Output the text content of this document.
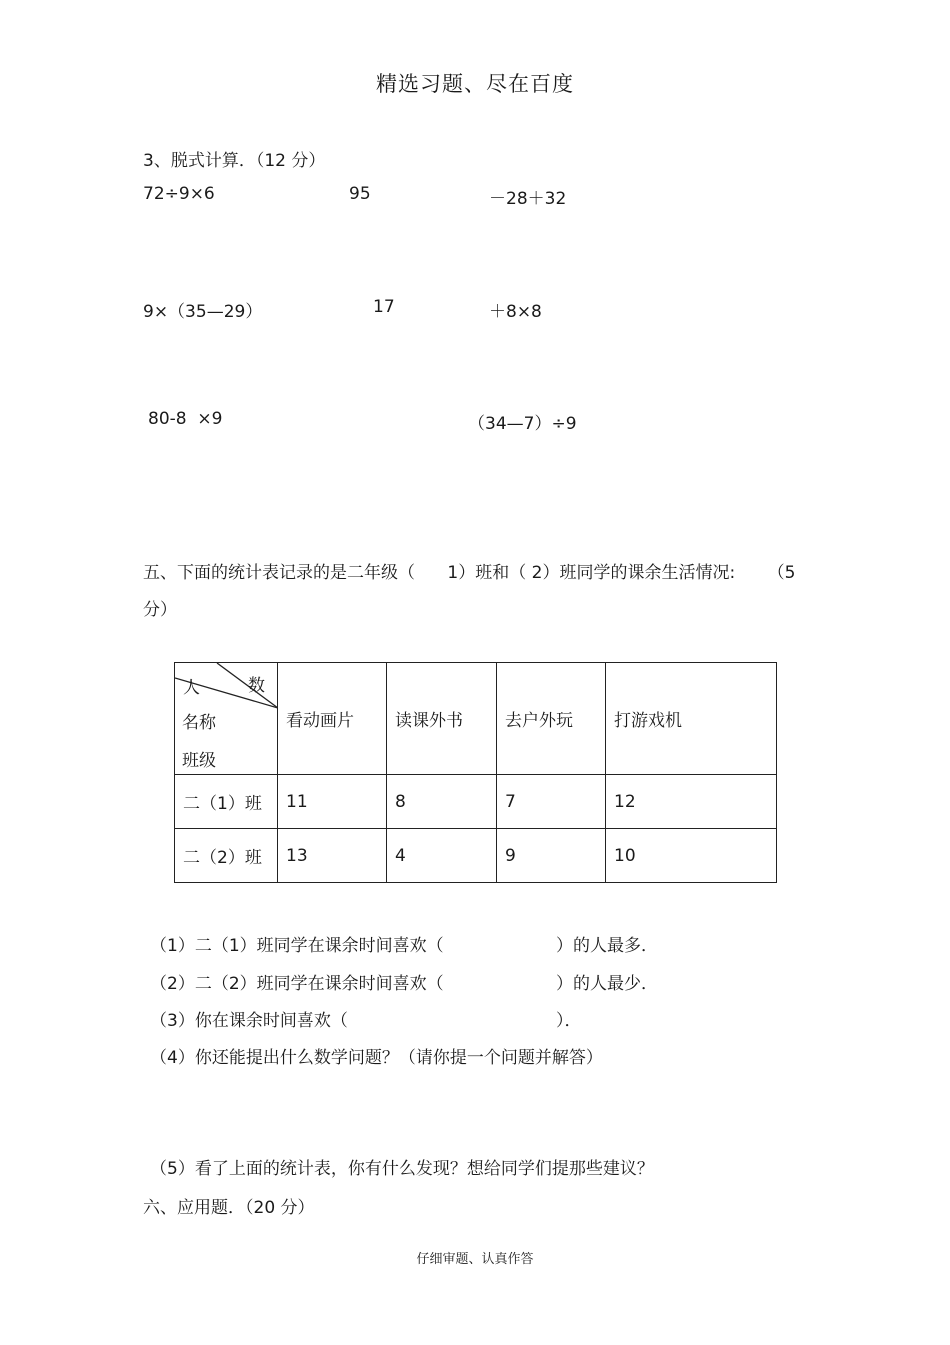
精选习题、尽在百度
3、脱式计算．（12 分）
72÷9×6	95	－28＋32
9×（35—29）	17	＋8×8
80-8  ×9	（34—7）÷9
五、下面的统计表记录的是二年级（      1）班和（ 2）班同学的课余生活情况:      （5
分）
人 数
名称
班级	看动画片	读课外书	去户外玩	打游戏机
二（1）班	11	8	7	12
二（2）班	13	4	9	10
（1）二（1）班同学在课余时间喜欢（	）的人最多．
（2）二（2）班同学在课余时间喜欢（	）的人最少．
（3）你在课余时间喜欢（	）．
（4）你还能提出什么数学问题？（请你提一个问题并解答）
（5）看了上面的统计表，你有什么发现？想给同学们提那些建议？
六、应用题．（20 分）
仔细审题、认真作答
